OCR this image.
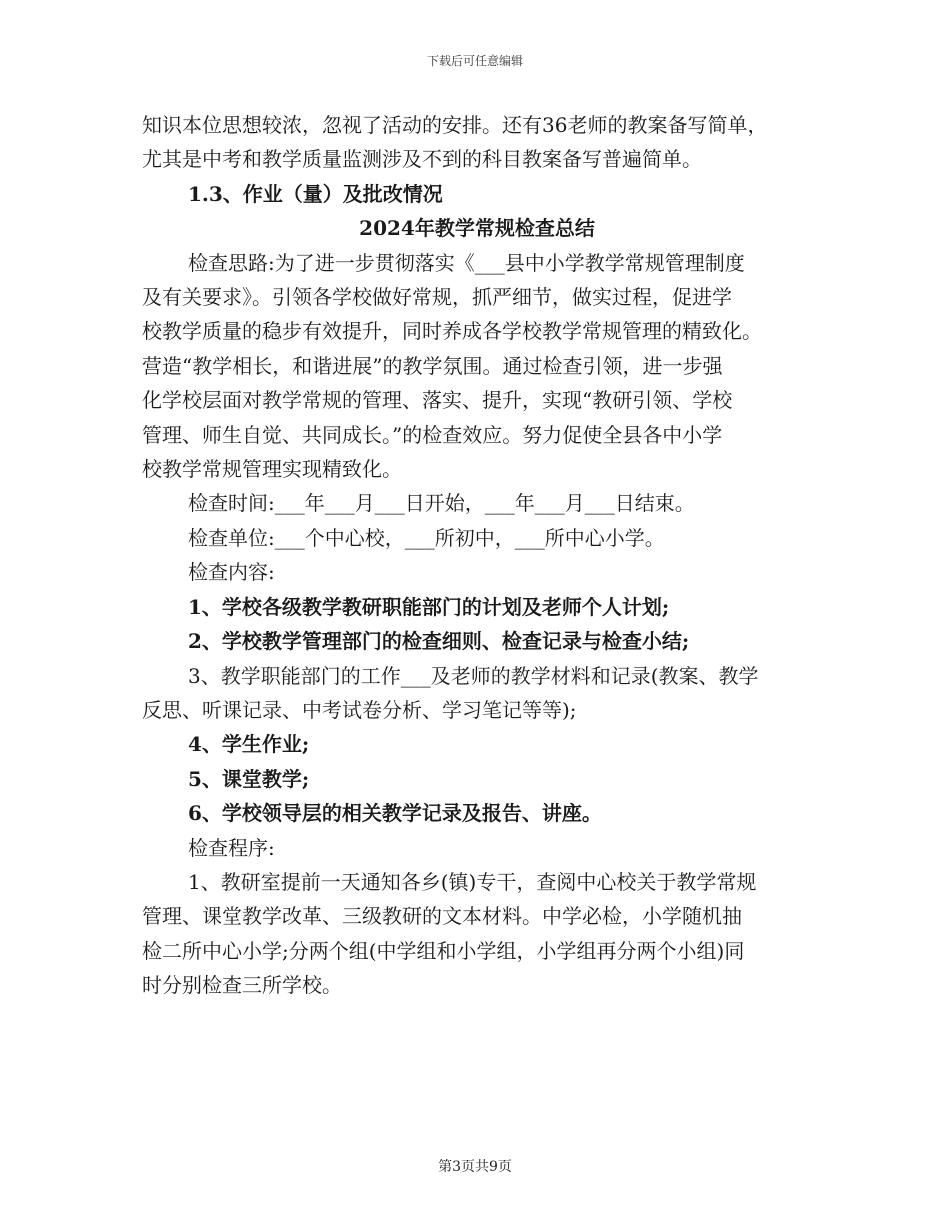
下载后可任意编辑

知识本位思想较浓，忽视了活动的安排。还有36老师的教案备写简单，

尤其是中考和教学质量监测涉及不到的科目教案备写普遍简单。

1.3、作业（量）及批改情况

2024年教学常规检查总结

检查思路:为了进一步贯彻落实《___县中小学教学常规管理制度

及有关要求》。引领各学校做好常规，抓严细节，做实过程，促进学

校教学质量的稳步有效提升，同时养成各学校教学常规管理的精致化。

营造“教学相长，和谐进展”的教学氛围。通过检查引领，进一步强

化学校层面对教学常规的管理、落实、提升，实现“教研引领、学校

管理、师生自觉、共同成长。”的检查效应。努力促使全县各中小学

校教学常规管理实现精致化。

检查时间:___年___月___日开始，___年___月___日结束。

检查单位:___个中心校，___所初中，___所中心小学。

检查内容:

1、学校各级教学教研职能部门的计划及老师个人计划;

2、学校教学管理部门的检查细则、检查记录与检查小结;

3、教学职能部门的工作___及老师的教学材料和记录(教案、教学

反思、听课记录、中考试卷分析、学习笔记等等);

4、学生作业;

5、课堂教学;

6、学校领导层的相关教学记录及报告、讲座。

检查程序:

1、教研室提前一天通知各乡(镇)专干，查阅中心校关于教学常规

管理、课堂教学改革、三级教研的文本材料。中学必检，小学随机抽

检二所中心小学;分两个组(中学组和小学组，小学组再分两个小组)同

时分别检查三所学校。

第3页共9页
